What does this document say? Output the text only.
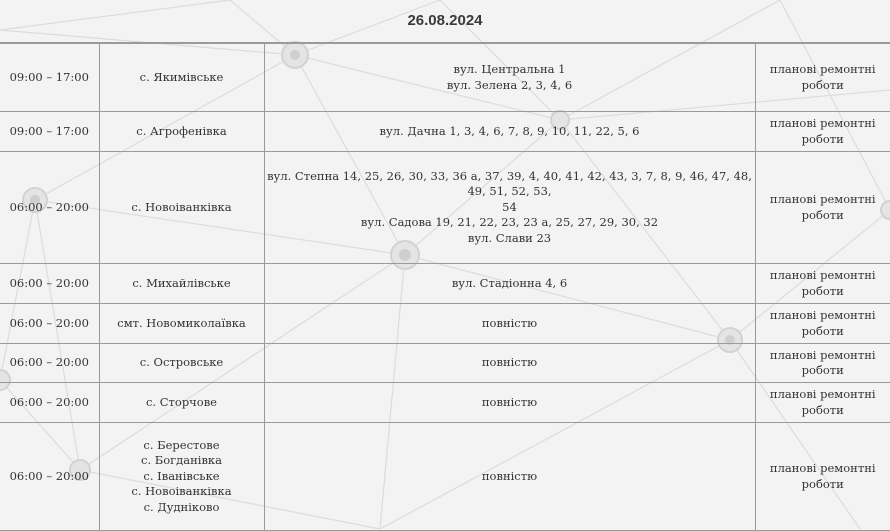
26.08.2024
09:00 – 17:00	с. Якимівське	вул. Центральна 1
вул. Зелена 2, 3, 4, 6	планові ремонтні
роботи

09:00 – 17:00	с. Агрофенівка	вул. Дачна 1, 3, 4, 6, 7, 8, 9, 10, 11, 22, 5, 6	планові ремонтні
роботи

06:00 – 20:00	с. Новоіванківка	вул. Степна 14, 25, 26, 30, 33, 36 а, 37, 39, 4, 40, 41, 42, 43, 3, 7, 8, 9, 46, 47, 48, 49, 51, 52, 53,
54
вул. Садова 19, 21, 22, 23, 23 а, 25, 27, 29, 30, 32
вул. Слави 23	планові ремонтні
роботи

06:00 – 20:00	с. Михайлівське	вул. Стадіонна 4, 6	планові ремонтні
роботи

06:00 – 20:00	смт. Новомиколаївка	повністю	планові ремонтні
роботи

06:00 – 20:00	с. Островське	повністю	планові ремонтні
роботи

06:00 – 20:00	с. Сторчове	повністю	планові ремонтні
роботи

06:00 – 20:00	с. Берестове
с. Богданівка
с. Іванівське
с. Новоіванківка
с. Дудніково	повністю	планові ремонтні
роботи
